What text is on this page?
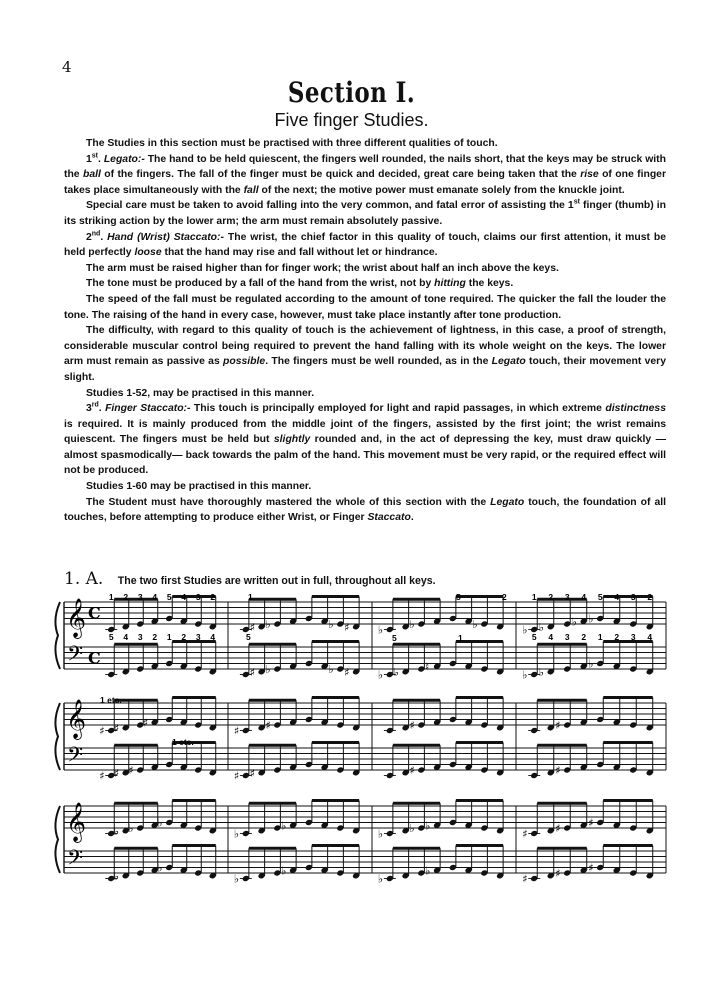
4
Section I.
Five finger Studies.

The Studies in this section must be practised with three different qualities of touch.

1st. Legato:- The hand to be held quiescent, the fingers well rounded, the nails short, that the keys may be struck with the ball of the fingers. The fall of the finger must be quick and decided, great care being taken that the rise of one finger takes place simultaneously with the fall of the next; the motive power must emanate solely from the knuckle joint.

Special care must be taken to avoid falling into the very common, and fatal error of assisting the 1st finger (thumb) in its striking action by the lower arm; the arm must remain absolutely passive.

2nd. Hand (Wrist) Staccato:- The wrist, the chief factor in this quality of touch, claims our first attention, it must be held perfectly loose that the hand may rise and fall without let or hindrance.

The arm must be raised higher than for finger work; the wrist about half an inch above the keys.

The tone must be produced by a fall of the hand from the wrist, not by hitting the keys.

The speed of the fall must be regulated according to the amount of tone required. The quicker the fall the louder the tone. The raising of the hand in every case, however, must take place instantly after tone production.

The difficulty, with regard to this quality of touch is the achievement of lightness, in this case, a proof of strength, considerable muscular control being required to prevent the hand falling with its whole weight on the keys. The lower arm must remain as passive as possible. The fingers must be well rounded, as in the Legato touch, their movement very slight.

Studies 1-52, may be practised in this manner.

3rd. Finger Staccato:- This touch is principally employed for light and rapid passages, in which extreme distinctness is required. It is mainly produced from the middle joint of the fingers, assisted by the first joint; the wrist remains quiescent. The fingers must be held but slightly rounded and, in the act of depressing the key, must draw quickly —almost spasmodically— back towards the palm of the hand. This movement must be very rapid, or the required effect will not be produced.

Studies 1-60 may be practised in this manner.

The Student must have thoroughly mastered the whole of this section with the Legato touch, the foundation of all touches, before attempting to produce either Wrist, or Finger Staccato.

1. A. The two first Studies are written out in full, throughout all keys.
𝄞
𝄢
C
C
♯ ♭	♭ ♯
♯ ♭	♭ ♯
♭ ♭	♭
♭ ♭ ♮
♭ ♭	♭ ♭
♭ ♭
♭
𝄞
𝄢
♯ ♯ ♯
♯ ♯ ♯
♯ ♯
♯ ♯
♯
♯
♯
♯
𝄞
𝄢
♭ ♭ ♭
♭
♭
♭
♭
♭
♭
♭ ♭ ♭
♭
♭
♯	♯	♯
♯	♯	♯
1 2 3 4 5 4 3 2
5 4 3 2 1 2 3 4
1 2 3 4 5 4 3 2
5 4 3 2 1 2 3 4
1
5
5	2
5	1
1 etc.
1 etc.
